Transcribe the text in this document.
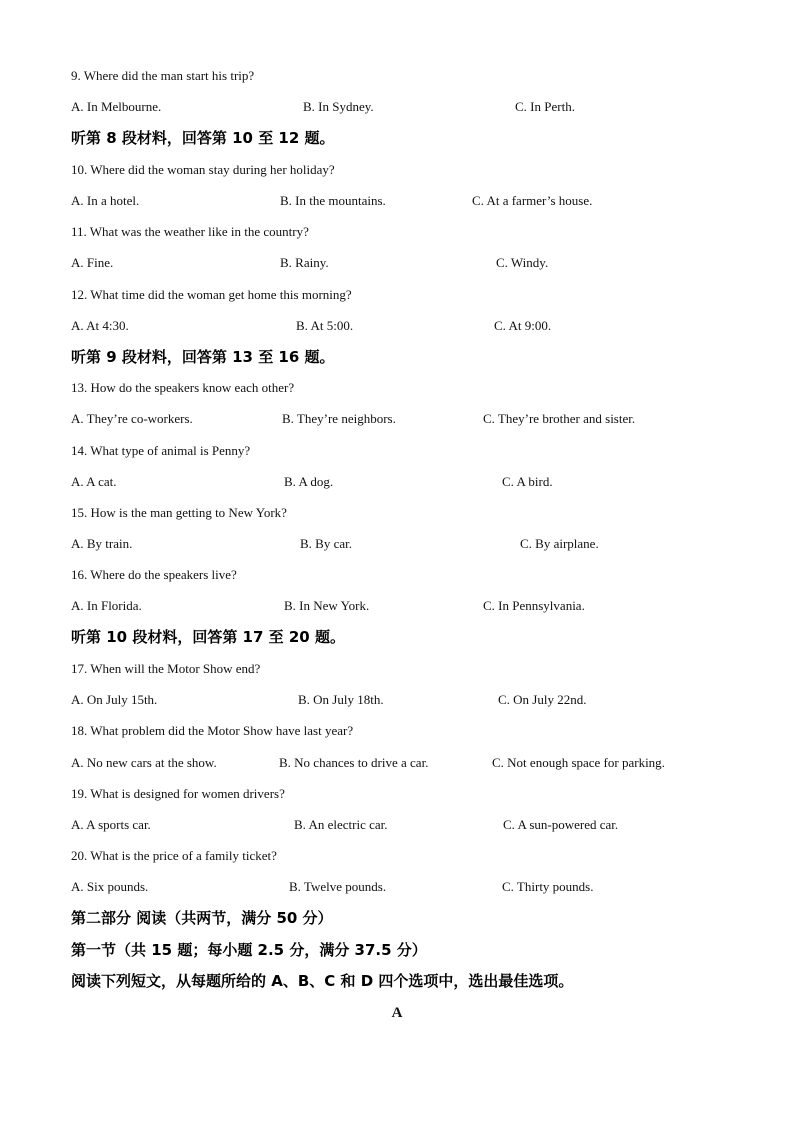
9. Where did the man start his trip?
A. In Melbourne.	B. In Sydney.	C. In Perth.
听第 8 段材料，回答第 10 至 12 题。
10. Where did the woman stay during her holiday?
A. In a hotel.	B. In the mountains.	C. At a farmer’s house.
11. What was the weather like in the country?
A. Fine.	B. Rainy.	C. Windy.
12. What time did the woman get home this morning?
A. At 4:30.	B. At 5:00.	C. At 9:00.
听第 9 段材料，回答第 13 至 16 题。
13. How do the speakers know each other?
A. They’re co-workers.	B. They’re neighbors.	C. They’re brother and sister.
14. What type of animal is Penny?
A. A cat.	B. A dog.	C. A bird.
15. How is the man getting to New York?
A. By train.	B. By car.	C. By airplane.
16. Where do the speakers live?
A. In Florida.	B. In New York.	C. In Pennsylvania.
听第 10 段材料，回答第 17 至 20 题。
17. When will the Motor Show end?
A. On July 15th.	B. On July 18th.	C. On July 22nd.
18. What problem did the Motor Show have last year?
A. No new cars at the show.	B. No chances to drive a car.	C. Not enough space for parking.
19. What is designed for women drivers?
A. A sports car.	B. An electric car.	C. A sun-powered car.
20. What is the price of a family ticket?
A. Six pounds.	B. Twelve pounds.	C. Thirty pounds.
第二部分 阅读（共两节，满分 50 分）
第一节（共 15 题；每小题 2.5 分，满分 37.5 分）
阅读下列短文，从每题所给的 A、B、C 和 D 四个选项中，选出最佳选项。
A
